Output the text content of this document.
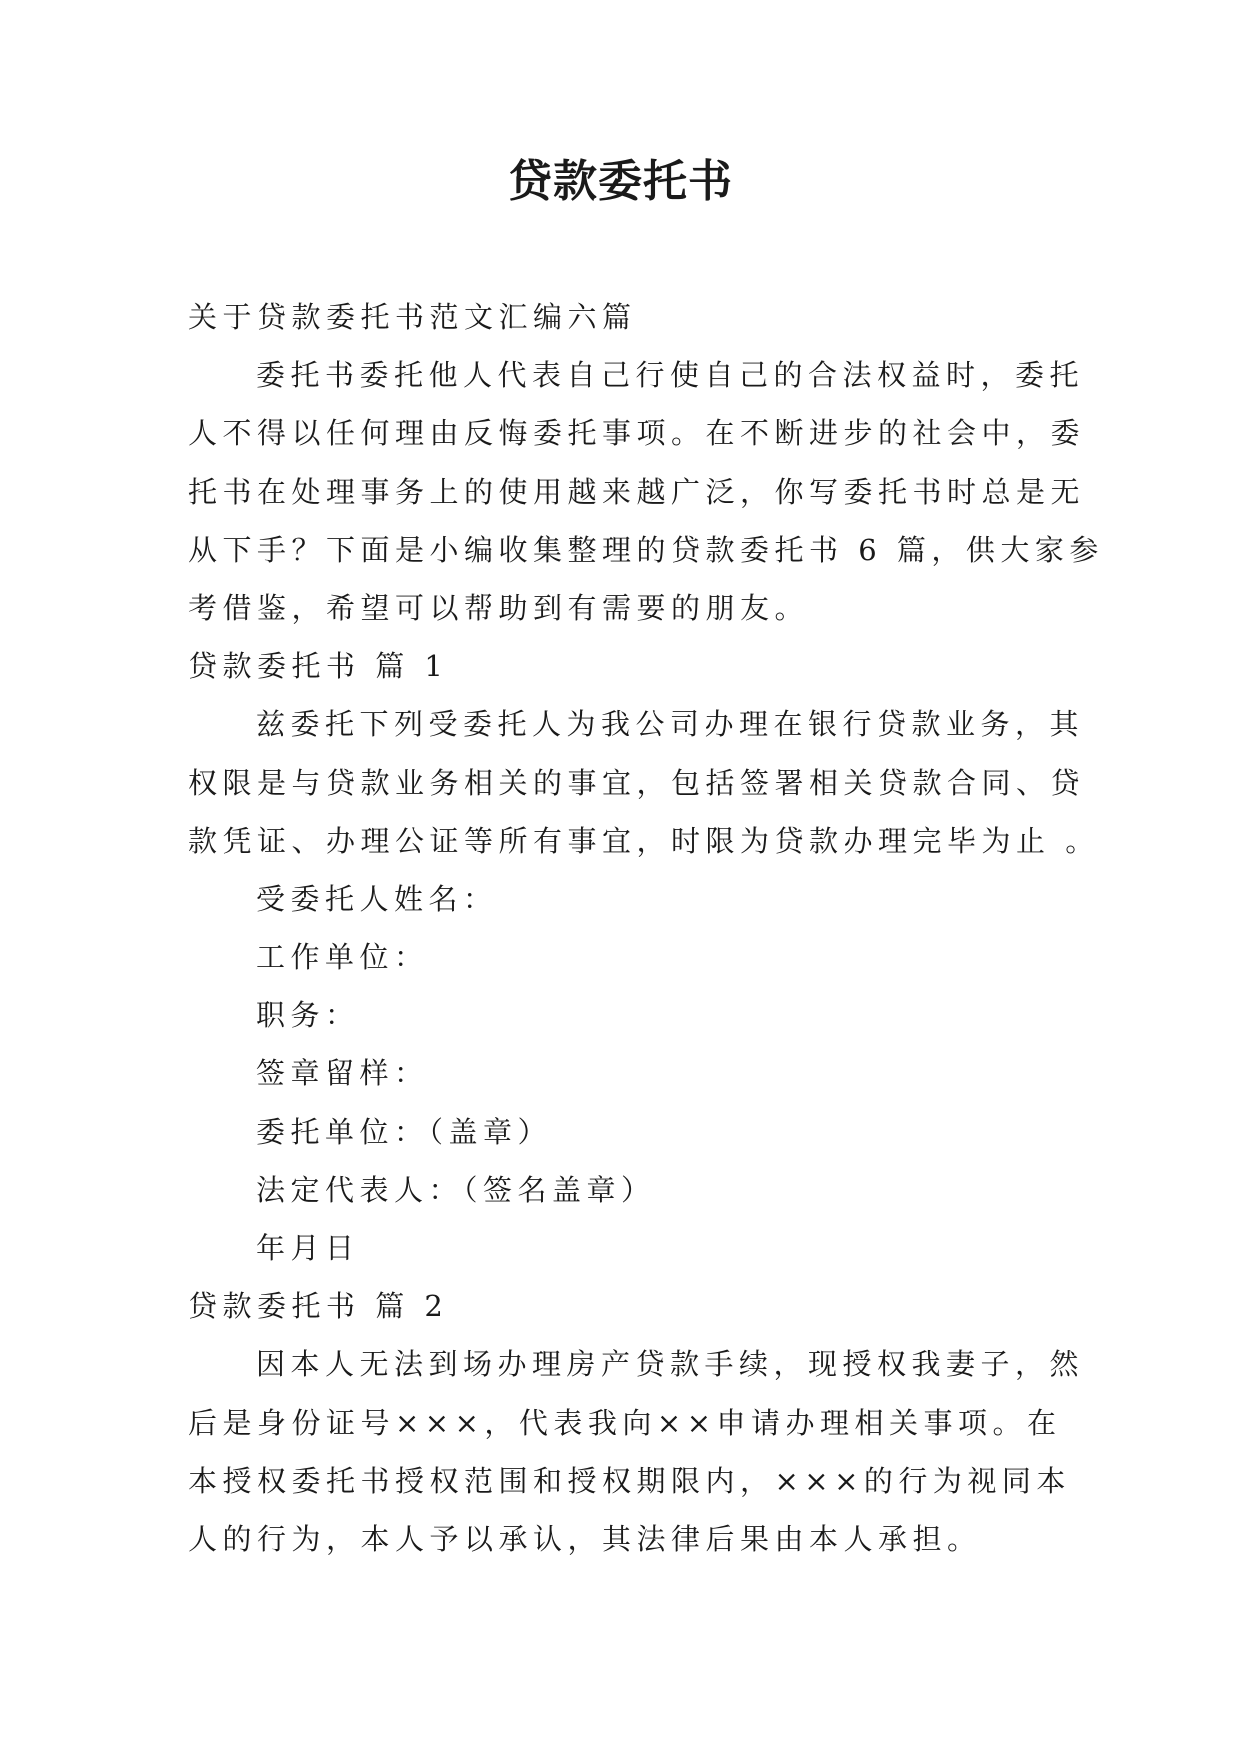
贷款委托书
关于贷款委托书范文汇编六篇
委托书委托他人代表自己行使自己的合法权益时，委托
人不得以任何理由反悔委托事项。在不断进步的社会中，委
托书在处理事务上的使用越来越广泛，你写委托书时总是无
从下手？下面是小编收集整理的贷款委托书 6 篇，供大家参
考借鉴，希望可以帮助到有需要的朋友。
贷款委托书 篇 1
兹委托下列受委托人为我公司办理在银行贷款业务，其
权限是与贷款业务相关的事宜，包括签署相关贷款合同、贷
款凭证、办理公证等所有事宜，时限为贷款办理完毕为止 。
受委托人姓名：
工作单位：
职务：
签章留样：
委托单位：（盖章）
法定代表人：（签名盖章）
年月日
贷款委托书 篇 2
因本人无法到场办理房产贷款手续，现授权我妻子，然
后是身份证号×××，代表我向××申请办理相关事项。在
本授权委托书授权范围和授权期限内，×××的行为视同本
人的行为，本人予以承认，其法律后果由本人承担。
